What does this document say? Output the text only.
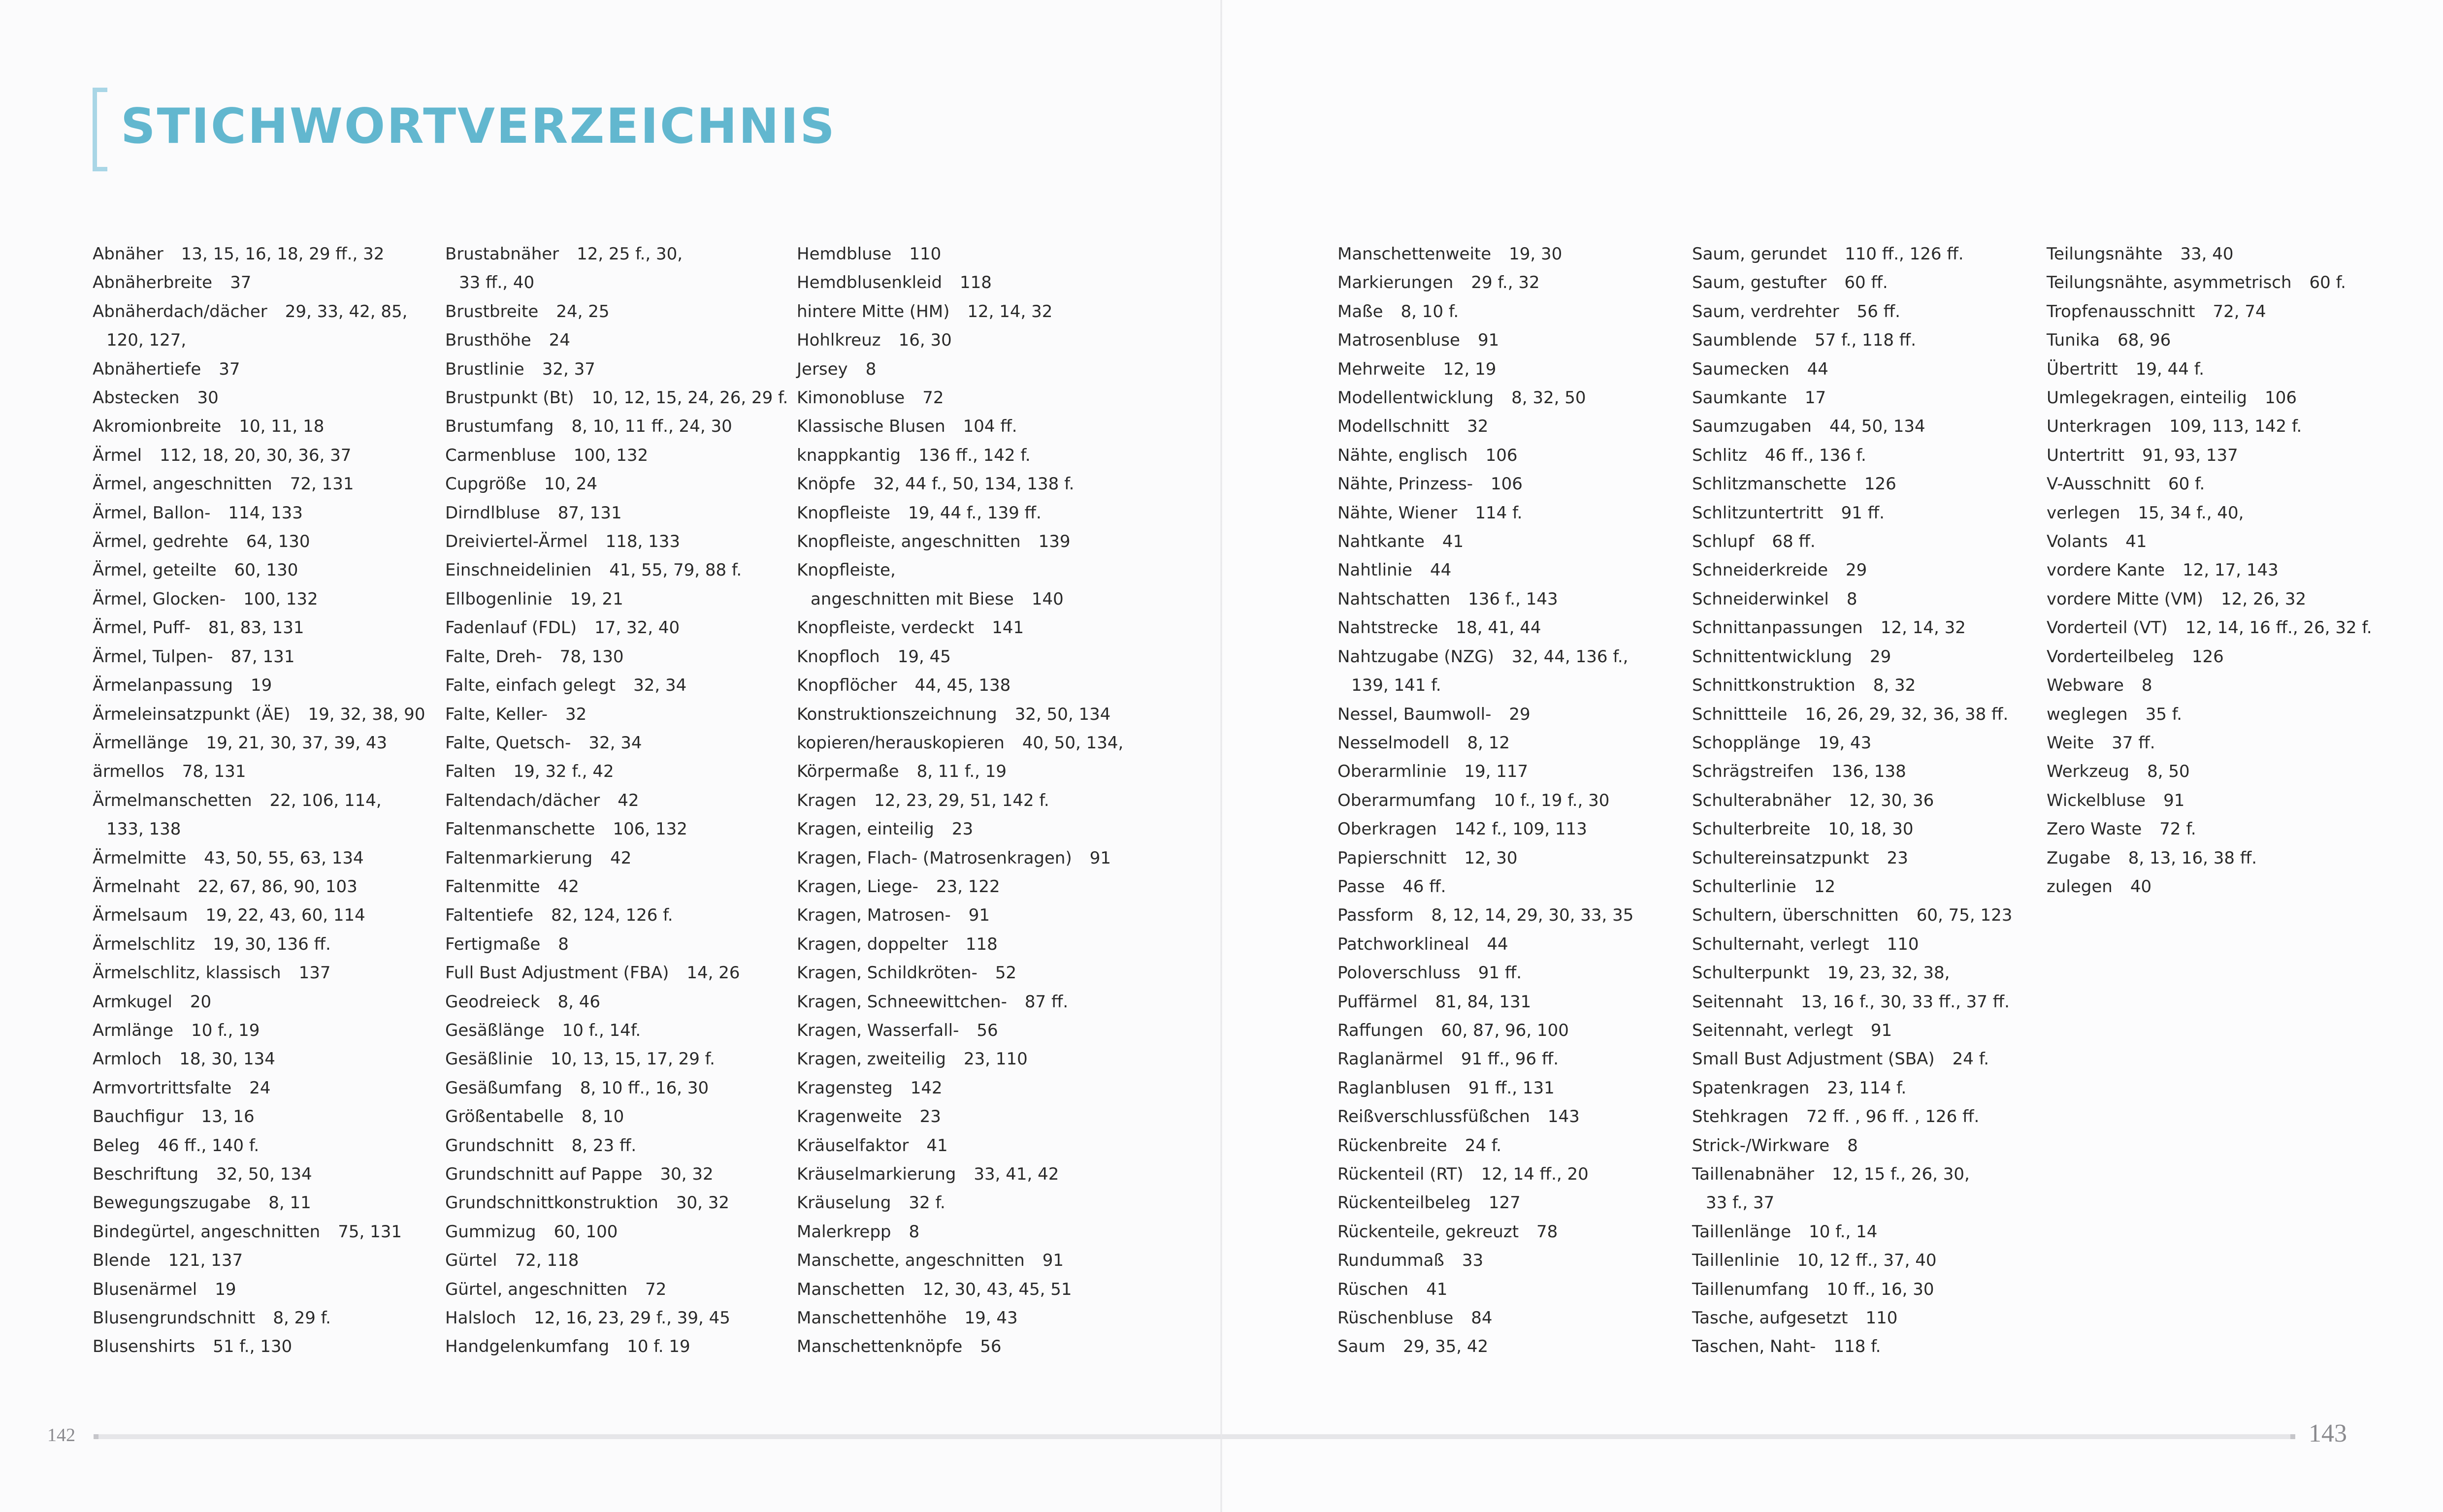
STICHWORTVERZEICHNIS

Abnäher 13, 15, 16, 18, 29 ff., 32

Abnäherbreite 37

Abnäherdach/dächer 29, 33, 42, 85,

120, 127,

Abnähertiefe 37

Abstecken 30

Akromionbreite 10, 11, 18

Ärmel 112, 18, 20, 30, 36, 37

Ärmel, angeschnitten 72, 131

Ärmel, Ballon- 114, 133

Ärmel, gedrehte 64, 130

Ärmel, geteilte 60, 130

Ärmel, Glocken- 100, 132

Ärmel, Puff- 81, 83, 131

Ärmel, Tulpen- 87, 131

Ärmelanpassung 19

Ärmeleinsatzpunkt (ÄE) 19, 32, 38, 90

Ärmellänge 19, 21, 30, 37, 39, 43

ärmellos 78, 131

Ärmelmanschetten 22, 106, 114,

133, 138

Ärmelmitte 43, 50, 55, 63, 134

Ärmelnaht 22, 67, 86, 90, 103

Ärmelsaum 19, 22, 43, 60, 114

Ärmelschlitz 19, 30, 136 ff.

Ärmelschlitz, klassisch 137

Armkugel 20

Armlänge 10 f., 19

Armloch 18, 30, 134

Armvortrittsfalte 24

Bauchfigur 13, 16

Beleg 46 ff., 140 f.

Beschriftung 32, 50, 134

Bewegungszugabe 8, 11

Bindegürtel, angeschnitten 75, 131

Blende 121, 137

Blusenärmel 19

Blusengrundschnitt 8, 29 f.

Blusenshirts 51 f., 130

Brustabnäher 12, 25 f., 30,

33 ff., 40

Brustbreite 24, 25

Brusthöhe 24

Brustlinie 32, 37

Brustpunkt (Bt) 10, 12, 15, 24, 26, 29 f.

Brustumfang 8, 10, 11 ff., 24, 30

Carmenbluse 100, 132

Cupgröße 10, 24

Dirndlbluse 87, 131

Dreiviertel-Ärmel 118, 133

Einschneidelinien 41, 55, 79, 88 f.

Ellbogenlinie 19, 21

Fadenlauf (FDL) 17, 32, 40

Falte, Dreh- 78, 130

Falte, einfach gelegt 32, 34

Falte, Keller- 32

Falte, Quetsch- 32, 34

Falten 19, 32 f., 42

Faltendach/dächer 42

Faltenmanschette 106, 132

Faltenmarkierung 42

Faltenmitte 42

Faltentiefe 82, 124, 126 f.

Fertigmaße 8

Full Bust Adjustment (FBA) 14, 26

Geodreieck 8, 46

Gesäßlänge 10 f., 14f.

Gesäßlinie 10, 13, 15, 17, 29 f.

Gesäßumfang 8, 10 ff., 16, 30

Größentabelle 8, 10

Grundschnitt 8, 23 ff.

Grundschnitt auf Pappe 30, 32

Grundschnittkonstruktion 30, 32

Gummizug 60, 100

Gürtel 72, 118

Gürtel, angeschnitten 72

Halsloch 12, 16, 23, 29 f., 39, 45

Handgelenkumfang 10 f. 19

Hemdbluse 110

Hemdblusenkleid 118

hintere Mitte (HM) 12, 14, 32

Hohlkreuz 16, 30

Jersey 8

Kimonobluse 72

Klassische Blusen 104 ff.

knappkantig 136 ff., 142 f.

Knöpfe 32, 44 f., 50, 134, 138 f.

Knopfleiste 19, 44 f., 139 ff.

Knopfleiste, angeschnitten 139

Knopfleiste,

angeschnitten mit Biese 140

Knopfleiste, verdeckt 141

Knopfloch 19, 45

Knopflöcher 44, 45, 138

Konstruktionszeichnung 32, 50, 134

kopieren/herauskopieren 40, 50, 134,

Körpermaße 8, 11 f., 19

Kragen 12, 23, 29, 51, 142 f.

Kragen, einteilig 23

Kragen, Flach- (Matrosenkragen) 91

Kragen, Liege- 23, 122

Kragen, Matrosen- 91

Kragen, doppelter 118

Kragen, Schildkröten- 52

Kragen, Schneewittchen- 87 ff.

Kragen, Wasserfall- 56

Kragen, zweiteilig 23, 110

Kragensteg 142

Kragenweite 23

Kräuselfaktor 41

Kräuselmarkierung 33, 41, 42

Kräuselung 32 f.

Malerkrepp 8

Manschette, angeschnitten 91

Manschetten 12, 30, 43, 45, 51

Manschettenhöhe 19, 43

Manschettenknöpfe 56

Manschettenweite 19, 30

Markierungen 29 f., 32

Maße 8, 10 f.

Matrosenbluse 91

Mehrweite 12, 19

Modellentwicklung 8, 32, 50

Modellschnitt 32

Nähte, englisch 106

Nähte, Prinzess- 106

Nähte, Wiener 114 f.

Nahtkante 41

Nahtlinie 44

Nahtschatten 136 f., 143

Nahtstrecke 18, 41, 44

Nahtzugabe (NZG) 32, 44, 136 f.,

139, 141 f.

Nessel, Baumwoll- 29

Nesselmodell 8, 12

Oberarmlinie 19, 117

Oberarmumfang 10 f., 19 f., 30

Oberkragen 142 f., 109, 113

Papierschnitt 12, 30

Passe 46 ff.

Passform 8, 12, 14, 29, 30, 33, 35

Patchworklineal 44

Poloverschluss 91 ff.

Puffärmel 81, 84, 131

Raffungen 60, 87, 96, 100

Raglanärmel 91 ff., 96 ff.

Raglanblusen 91 ff., 131

Reißverschlussfüßchen 143

Rückenbreite 24 f.

Rückenteil (RT) 12, 14 ff., 20

Rückenteilbeleg 127

Rückenteile, gekreuzt 78

Rundummaß 33

Rüschen 41

Rüschenbluse 84

Saum 29, 35, 42

Saum, gerundet 110 ff., 126 ff.

Saum, gestufter 60 ff.

Saum, verdrehter 56 ff.

Saumblende 57 f., 118 ff.

Saumecken 44

Saumkante 17

Saumzugaben 44, 50, 134

Schlitz 46 ff., 136 f.

Schlitzmanschette 126

Schlitzuntertritt 91 ff.

Schlupf 68 ff.

Schneiderkreide 29

Schneiderwinkel 8

Schnittanpassungen 12, 14, 32

Schnittentwicklung 29

Schnittkonstruktion 8, 32

Schnittteile 16, 26, 29, 32, 36, 38 ff.

Schopplänge 19, 43

Schrägstreifen 136, 138

Schulterabnäher 12, 30, 36

Schulterbreite 10, 18, 30

Schultereinsatzpunkt 23

Schulterlinie 12

Schultern, überschnitten 60, 75, 123

Schulternaht, verlegt 110

Schulterpunkt 19, 23, 32, 38,

Seitennaht 13, 16 f., 30, 33 ff., 37 ff.

Seitennaht, verlegt 91

Small Bust Adjustment (SBA) 24 f.

Spatenkragen 23, 114 f.

Stehkragen 72 ff. , 96 ff. , 126 ff.

Strick-/Wirkware 8

Taillenabnäher 12, 15 f., 26, 30,

33 f., 37

Taillenlänge 10 f., 14

Taillenlinie 10, 12 ff., 37, 40

Taillenumfang 10 ff., 16, 30

Tasche, aufgesetzt 110

Taschen, Naht- 118 f.

Teilungsnähte 33, 40

Teilungsnähte, asymmetrisch 60 f.

Tropfenausschnitt 72, 74

Tunika 68, 96

Übertritt 19, 44 f.

Umlegekragen, einteilig 106

Unterkragen 109, 113, 142 f.

Untertritt 91, 93, 137

V-Ausschnitt 60 f.

verlegen 15, 34 f., 40,

Volants 41

vordere Kante 12, 17, 143

vordere Mitte (VM) 12, 26, 32

Vorderteil (VT) 12, 14, 16 ff., 26, 32 f.

Vorderteilbeleg 126

Webware 8

weglegen 35 f.

Weite 37 ff.

Werkzeug 8, 50

Wickelbluse 91

Zero Waste 72 f.

Zugabe 8, 13, 16, 38 ff.

zulegen 40

142	143
